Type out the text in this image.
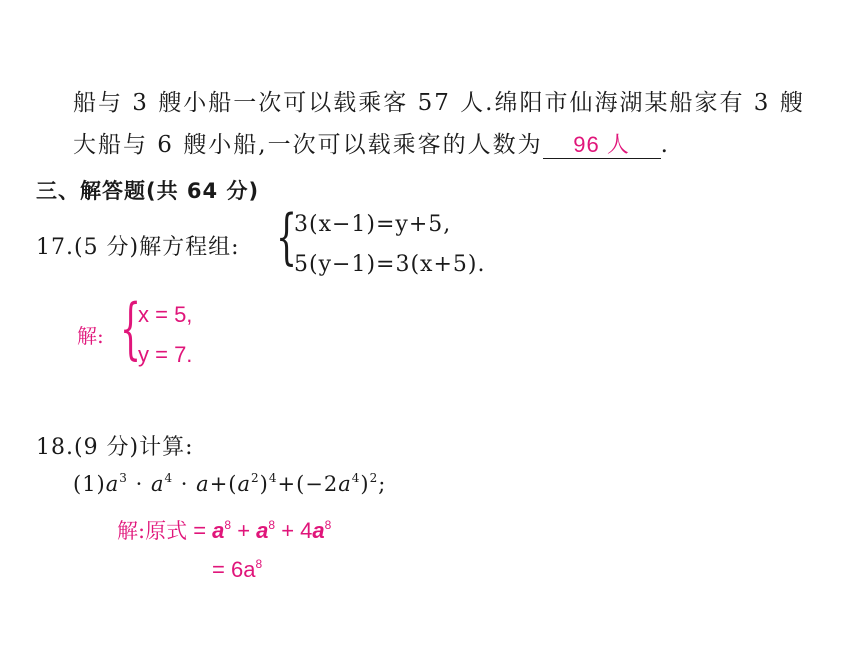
船与 3 艘小船一次可以载乘客 57 人.绵阳市仙海湖某船家有 3 艘
大船与 6 艘小船,一次可以载乘客的人数为 96 人 .
三、解答题(共 64 分)
17.(5 分)解方程组: {
3(x−1)=y+5,
5(y−1)=3(x+5).
解: {
x = 5,
y = 7.
18.(9 分)计算:
$(1)a^3 \cdot a^4 \cdot a+(a^2)^4+(-2a^4)^2$;
解:原式 = $a^8 + a^8 + 4a^8$
= $6a^8$
